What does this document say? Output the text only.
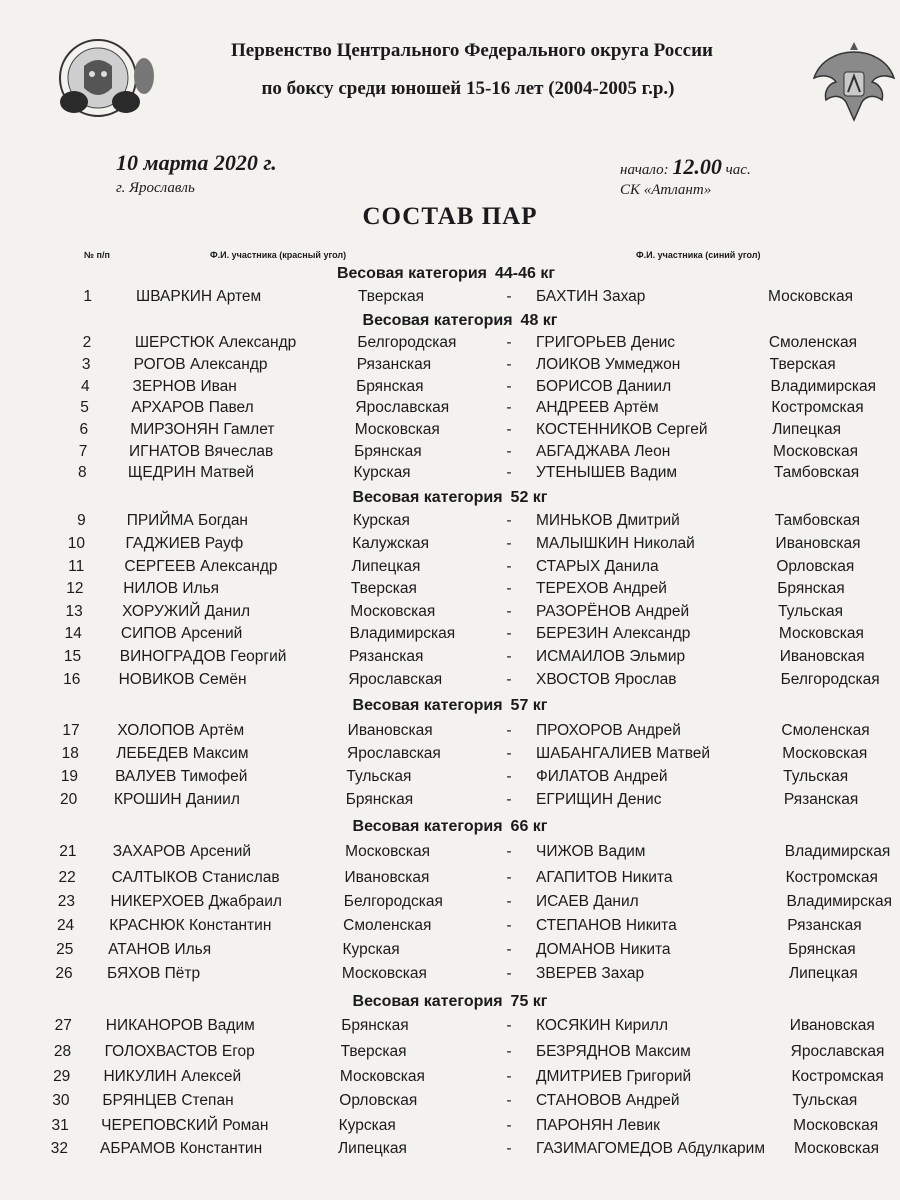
Первенство Центрального Федерального округа России
по боксу среди юношей 15-16 лет (2004-2005 г.р.)
10 марта 2020 г.
г. Ярославль
начало: 12.00 час.
СК «Атлант»
СОСТАВ ПАР
№ п/п	Ф.И. участника (красный угол)	Ф.И. участника (синий угол)
Весовая категория 44-46 кг
Весовая категория 48 кг
Весовая категория 52 кг
Весовая категория 57 кг
Весовая категория 66 кг
Весовая категория 75 кг
1	ШВАРКИН Артем	Тверская	- БАХТИН Захар	Московская
2	ШЕРСТЮК Александр	Белгородская	- ГРИГОРЬЕВ Денис	Смоленская
3	РОГОВ Александр	Рязанская	- ЛОИКОВ Уммеджон	Тверская
4	ЗЕРНОВ Иван	Брянская	- БОРИСОВ Даниил	Владимирская
5	АРХАРОВ Павел	Ярославская	- АНДРЕЕВ Артём	Костромская
6	МИРЗОНЯН Гамлет	Московская	- КОСТЕННИКОВ Сергей	Липецкая
7	ИГНАТОВ Вячеслав	Брянская	- АБГАДЖАВА Леон	Московская
8	ЩЕДРИН Матвей	Курская	- УТЕНЫШЕВ Вадим	Тамбовская
9	ПРИЙМА Богдан	Курская	- МИНЬКОВ Дмитрий	Тамбовская
10	ГАДЖИЕВ Рауф	Калужская	- МАЛЫШКИН Николай	Ивановская
11	СЕРГЕЕВ Александр	Липецкая	- СТАРЫХ Данила	Орловская
12	НИЛОВ Илья	Тверская	- ТЕРЕХОВ Андрей	Брянская
13	ХОРУЖИЙ Данил	Московская	- РАЗОРЁНОВ Андрей	Тульская
14	СИПОВ Арсений	Владимирская	- БЕРЕЗИН Александр	Московская
15 ВИНОГРАДОВ Георгий	Рязанская	- ИСМАИЛОВ Эльмир	Ивановская
16 НОВИКОВ Семён	Ярославская	- ХВОСТОВ Ярослав	Белгородская
17 ХОЛОПОВ Артём	Ивановская	- ПРОХОРОВ Андрей	Смоленская
18 ЛЕБЕДЕВ Максим	Ярославская	- ШАБАНГАЛИЕВ Матвей	Московская
19 ВАЛУЕВ Тимофей	Тульская	- ФИЛАТОВ Андрей	Тульская
20 КРОШИН Даниил	Брянская	- ЕГРИЩИН Денис	Рязанская
21 ЗАХАРОВ Арсений	Московская	- ЧИЖОВ Вадим	Владимирская
22 САЛТЫКОВ Станислав	Ивановская	- АГАПИТОВ Никита	Костромская
23 НИКЕРХОЕВ Джабраил	Белгородская	- ИСАЕВ Данил	Владимирская
24 КРАСНЮК Константин	Смоленская	- СТЕПАНОВ Никита	Рязанская
25 АТАНОВ Илья	Курская	- ДОМАНОВ Никита	Брянская
26 БЯХОВ Пётр	Московская	- ЗВЕРЕВ Захар	Липецкая
27 НИКАНОРОВ Вадим	Брянская	- КОСЯКИН Кирилл	Ивановская
28 ГОЛОХВАСТОВ Егор	Тверская	- БЕЗРЯДНОВ Максим	Ярославская
29 НИКУЛИН Алексей	Московская	- ДМИТРИЕВ Григорий	Костромская
30 БРЯНЦЕВ Степан	Орловская	- СТАНОВОВ Андрей	Тульская
31 ЧЕРЕПОВСКИЙ Роман	Курская	- ПАРОНЯН Левик	Московская
32 АБРАМОВ Константин	Липецкая	- ГАЗИМАГОМЕДОВ Абдулкарим Московская
